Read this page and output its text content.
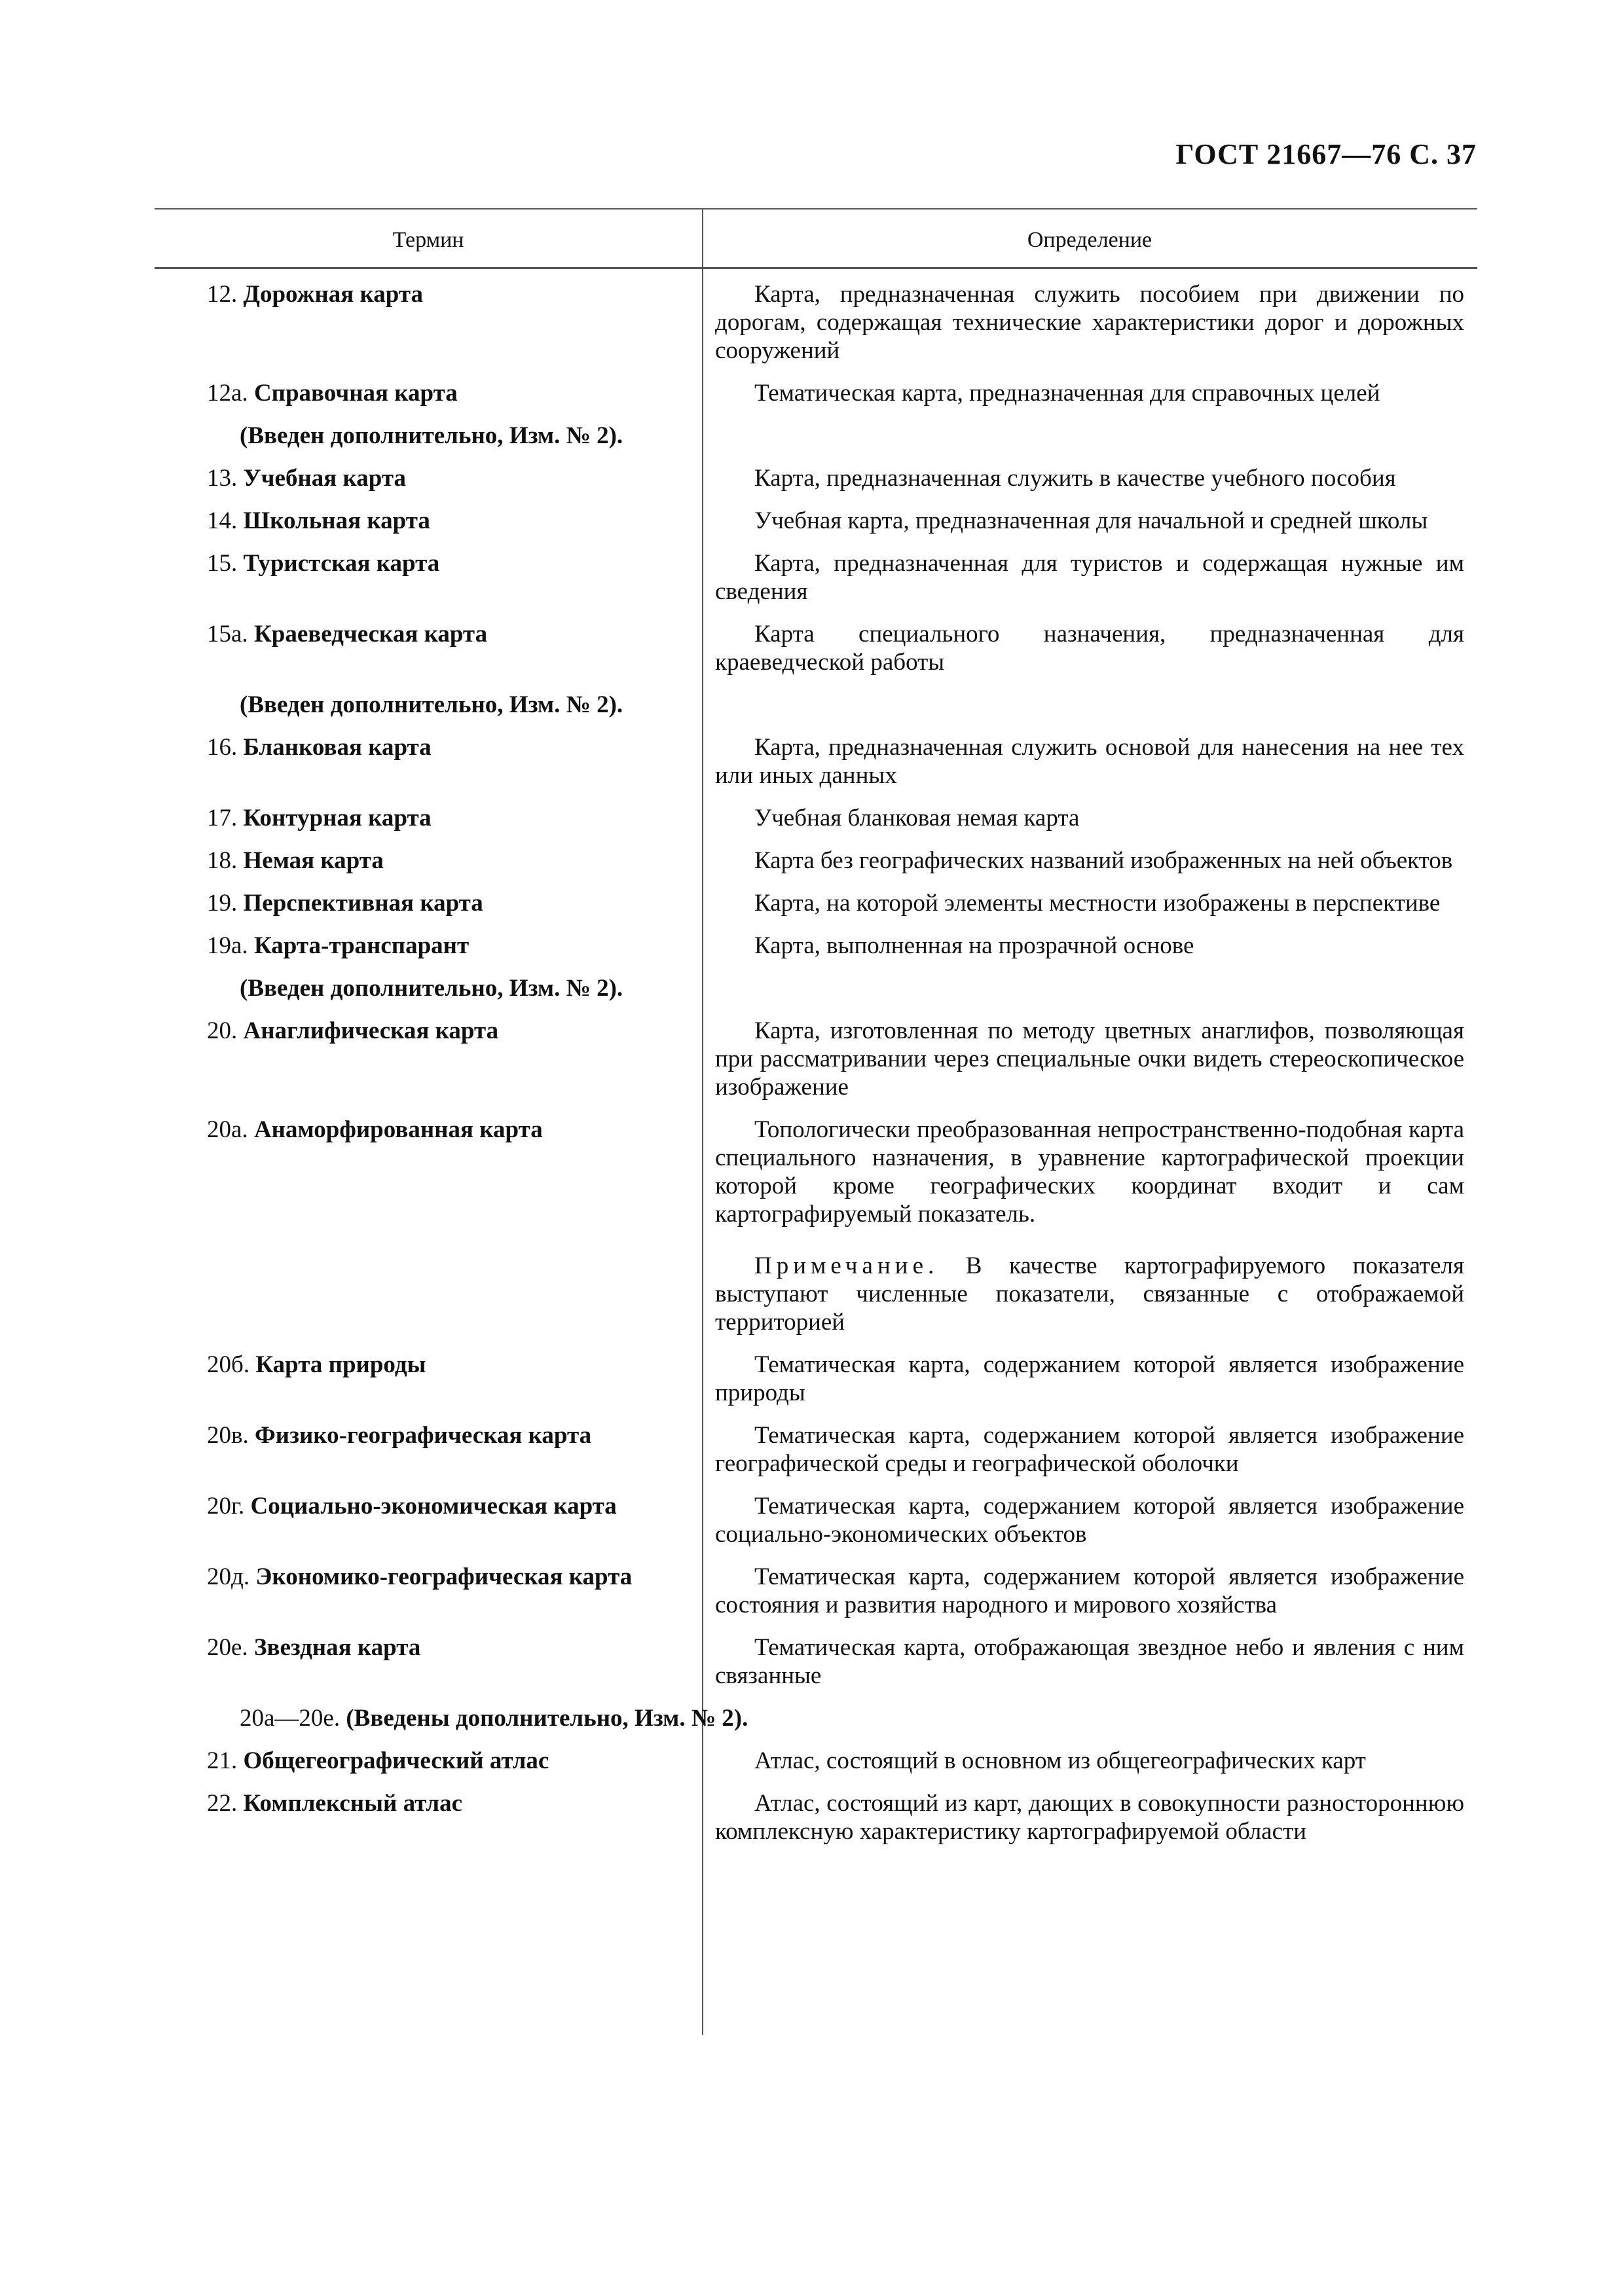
ГОСТ 21667—76 С. 37
Термин	Определение
12. Дорожная карта	Карта, предназначенная служить пособием при движении по дорогам, содержащая технические характеристики дорог и дорожных сооружений
12а. Справочная карта	Тематическая карта, предназначенная для справочных целей
(Введен дополнительно, Изм. № 2).
13. Учебная карта	Карта, предназначенная служить в качестве учебного пособия
14. Школьная карта	Учебная карта, предназначенная для начальной и средней школы
15. Туристская карта	Карта, предназначенная для туристов и содержащая нужные им сведения
15а. Краеведческая карта	Карта специального назначения, предназначенная для краеведческой работы
(Введен дополнительно, Изм. № 2).
16. Бланковая карта	Карта, предназначенная служить основой для нанесения на нее тех или иных данных
17. Контурная карта	Учебная бланковая немая карта
18. Немая карта	Карта без географических названий изображенных на ней объектов
19. Перспективная карта	Карта, на которой элементы местности изображены в перспективе
19а. Карта-транспарант	Карта, выполненная на прозрачной основе
(Введен дополнительно, Изм. № 2).
20. Анаглифическая карта	Карта, изготовленная по методу цветных анаглифов, позволяющая при рассматривании через специальные очки видеть стереоскопическое изображение
20а. Анаморфированная карта	Топологически преобразованная непространственно-подобная карта специального назначения, в уравнение картографической проекции которой кроме географических координат входит и сам картографируемый показатель.
Примечание. В качестве картографируемого показателя выступают численные показатели, связанные с отображаемой территорией
20б. Карта природы	Тематическая карта, содержанием которой является изображение природы
20в. Физико-географическая карта	Тематическая карта, содержанием которой является изображение географической среды и географической оболочки
20г. Социально-экономическая карта	Тематическая карта, содержанием которой является изображение социально-экономических объектов
20д. Экономико-географическая карта	Тематическая карта, содержанием которой является изображение состояния и развития народного и мирового хозяйства
20е. Звездная карта	Тематическая карта, отображающая звездное небо и явления с ним связанные
20а—20е. (Введены дополнительно, Изм. № 2).
21. Общегеографический атлас	Атлас, состоящий в основном из общегеографических карт
22. Комплексный атлас	Атлас, состоящий из карт, дающих в совокупности разностороннюю комплексную характеристику картографируемой области
